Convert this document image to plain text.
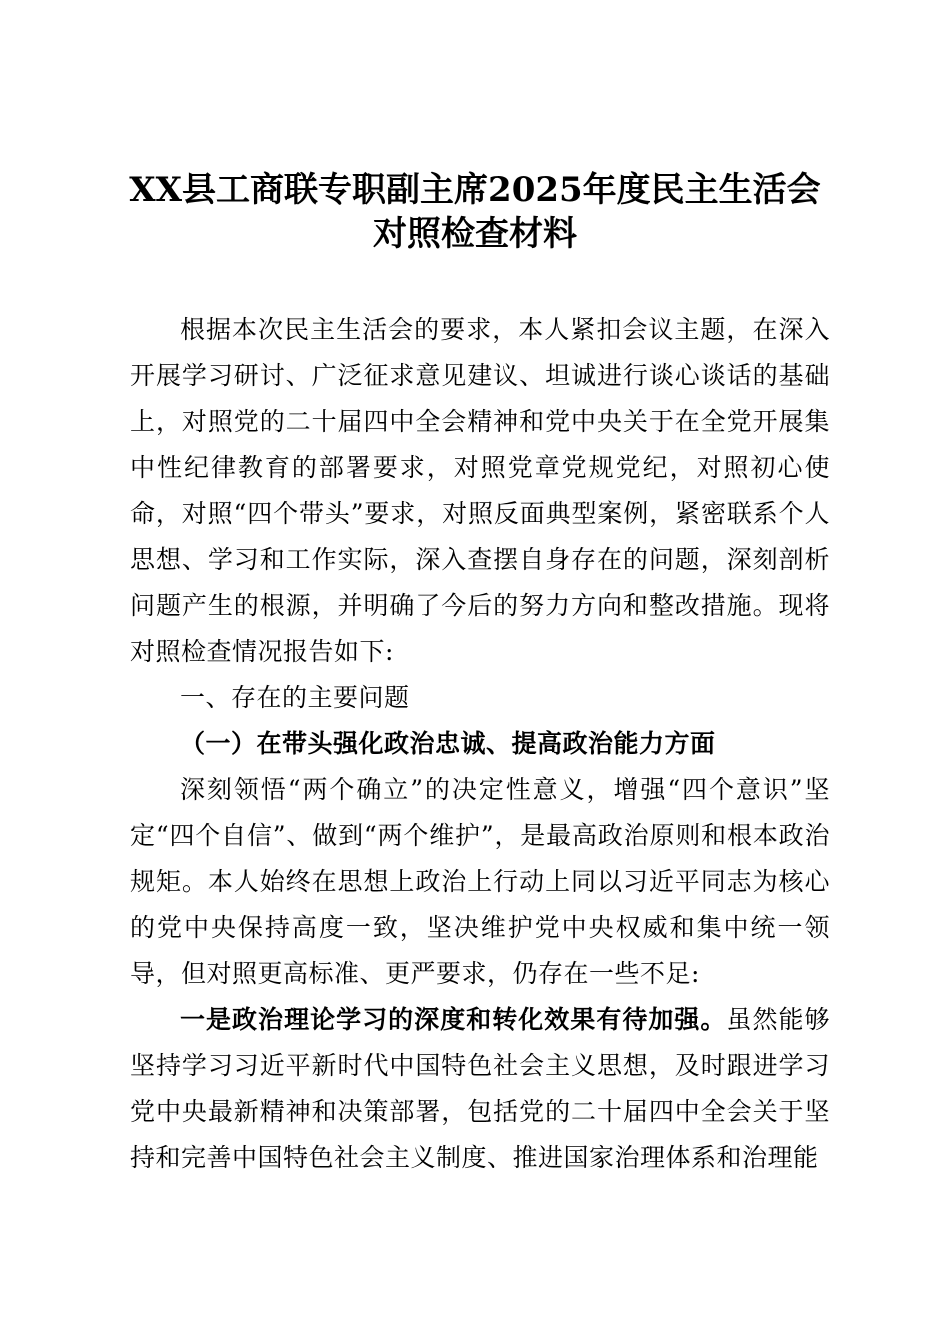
XX县工商联专职副主席2025年度民主生活会
对照检查材料

根据本次民主生活会的要求，本人紧扣会议主题，在深入开展学习研讨、广泛征求意见建议、坦诚进行谈心谈话的基础上，对照党的二十届四中全会精神和党中央关于在全党开展集中性纪律教育的部署要求，对照党章党规党纪，对照初心使命，对照“四个带头”要求，对照反面典型案例，紧密联系个人思想、学习和工作实际，深入查摆自身存在的问题，深刻剖析问题产生的根源，并明确了今后的努力方向和整改措施。现将对照检查情况报告如下:

一、存在的主要问题

（一）在带头强化政治忠诚、提高政治能力方面

深刻领悟“两个确立”的决定性意义，增强“四个意识”坚定“四个自信”、做到“两个维护”，是最高政治原则和根本政治规矩。本人始终在思想上政治上行动上同以习近平同志为核心的党中央保持高度一致，坚决维护党中央权威和集中统一领导，但对照更高标准、更严要求，仍存在一些不足:

一是政治理论学习的深度和转化效果有待加强。虽然能够坚持学习习近平新时代中国特色社会主义思想，及时跟进学习党中央最新精神和决策部署，包括党的二十届四中全会关于坚持和完善中国特色社会主义制度、推进国家治理体系和治理能
